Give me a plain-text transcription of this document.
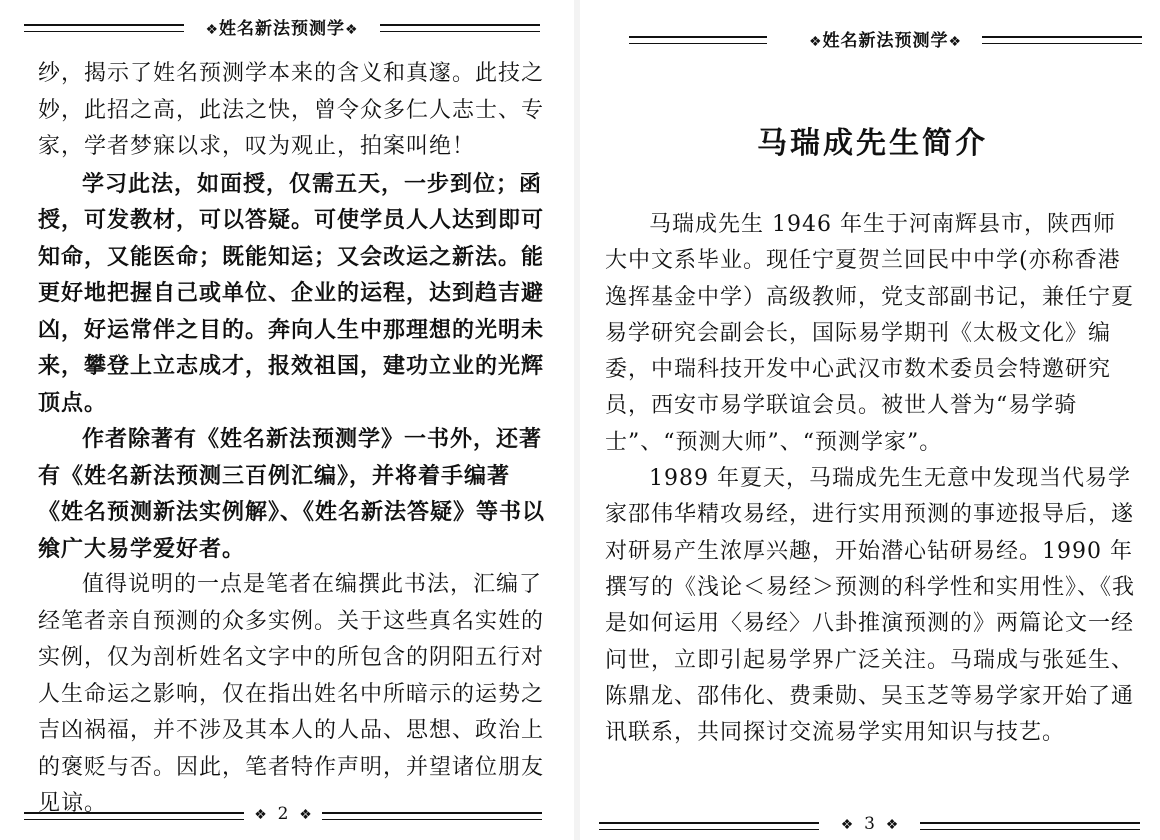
❖姓名新法预测学❖

纱，揭示了姓名预测学本来的含义和真邃。此技之妙，此招之高，此法之快，曾令众多仁人志士、专家，学者梦寐以求，叹为观止，拍案叫绝！

学习此法，如面授，仅需五天，一步到位；函授，可发教材，可以答疑。可使学员人人达到即可知命，又能医命；既能知运；又会改运之新法。能更好地把握自己或单位、企业的运程，达到趋吉避凶，好运常伴之目的。奔向人生中那理想的光明未来，攀登上立志成才，报效祖国，建功立业的光辉顶点。

作者除著有《姓名新法预测学》一书外，还著有《姓名新法预测三百例汇编》，并将着手编著《姓名预测新法实例解》、《姓名新法答疑》等书以飨广大易学爱好者。

值得说明的一点是笔者在编撰此书法，汇编了经笔者亲自预测的众多实例。关于这些真名实姓的实例，仅为剖析姓名文字中的所包含的阴阳五行对人生命运之影响，仅在指出姓名中所暗示的运势之吉凶祸福，并不涉及其本人的人品、思想、政治上的褒贬与否。因此，笔者特作声明，并望诸位朋友见谅。	❖ 2 ❖
❖姓名新法预测学❖
马瑞成先生简介

马瑞成先生 1946 年生于河南辉县市，陕西师大中文系毕业。现任宁夏贺兰回民中中学(亦称香港逸挥基金中学）高级教师，党支部副书记，兼任宁夏易学研究会副会长，国际易学期刊《太极文化》编委，中瑞科技开发中心武汉市数术委员会特邀研究员，西安市易学联谊会员。被世人誉为“易学骑士”、“预测大师”、“预测学家”。

1989 年夏天，马瑞成先生无意中发现当代易学家邵伟华精攻易经，进行实用预测的事迹报导后，遂对研易产生浓厚兴趣，开始潜心钻研易经。1990 年撰写的《浅论＜易经＞预测的科学性和实用性》、《我是如何运用〈易经〉八卦推演预测的》两篇论文一经问世，立即引起易学界广泛关注。马瑞成与张延生、陈鼎龙、邵伟化、费秉勋、吴玉芝等易学家开始了通讯联系，共同探讨交流易学实用知识与技艺。

❖ 3 ❖
